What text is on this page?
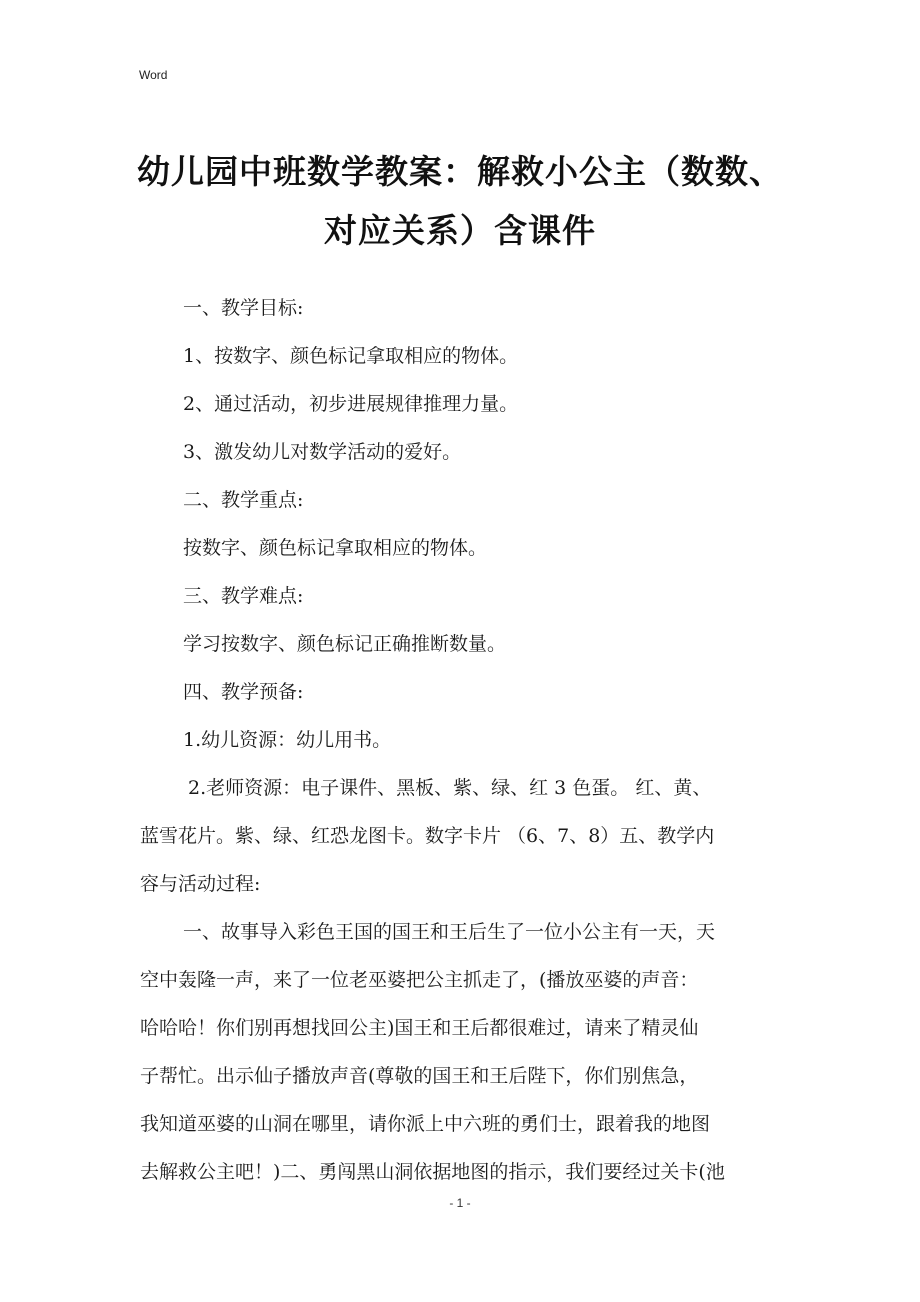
Word
幼儿园中班数学教案：解救小公主（数数、
对应关系）含课件

一、教学目标:

1、按数字、颜色标记拿取相应的物体。

2、通过活动，初步进展规律推理力量。

3、激发幼儿对数学活动的爱好。

二、教学重点:

按数字、颜色标记拿取相应的物体。

三、教学难点:

学习按数字、颜色标记正确推断数量。

四、教学预备:

1.幼儿资源：幼儿用书。

2.老师资源：电子课件、黑板、紫、绿、红 3 色蛋。 红、黄、

蓝雪花片。紫、绿、红恐龙图卡。数字卡片 （6、7、8）五、教学内

容与活动过程:

一、故事导入彩色王国的国王和王后生了一位小公主有一天，天

空中轰隆一声，来了一位老巫婆把公主抓走了，(播放巫婆的声音：

哈哈哈！你们别再想找回公主)国王和王后都很难过，请来了精灵仙

子帮忙。出示仙子播放声音(尊敬的国王和王后陛下，你们别焦急，

我知道巫婆的山洞在哪里，请你派上中六班的勇们士，跟着我的地图

去解救公主吧！)二、勇闯黑山洞依据地图的指示，我们要经过关卡(池

- 1 -
